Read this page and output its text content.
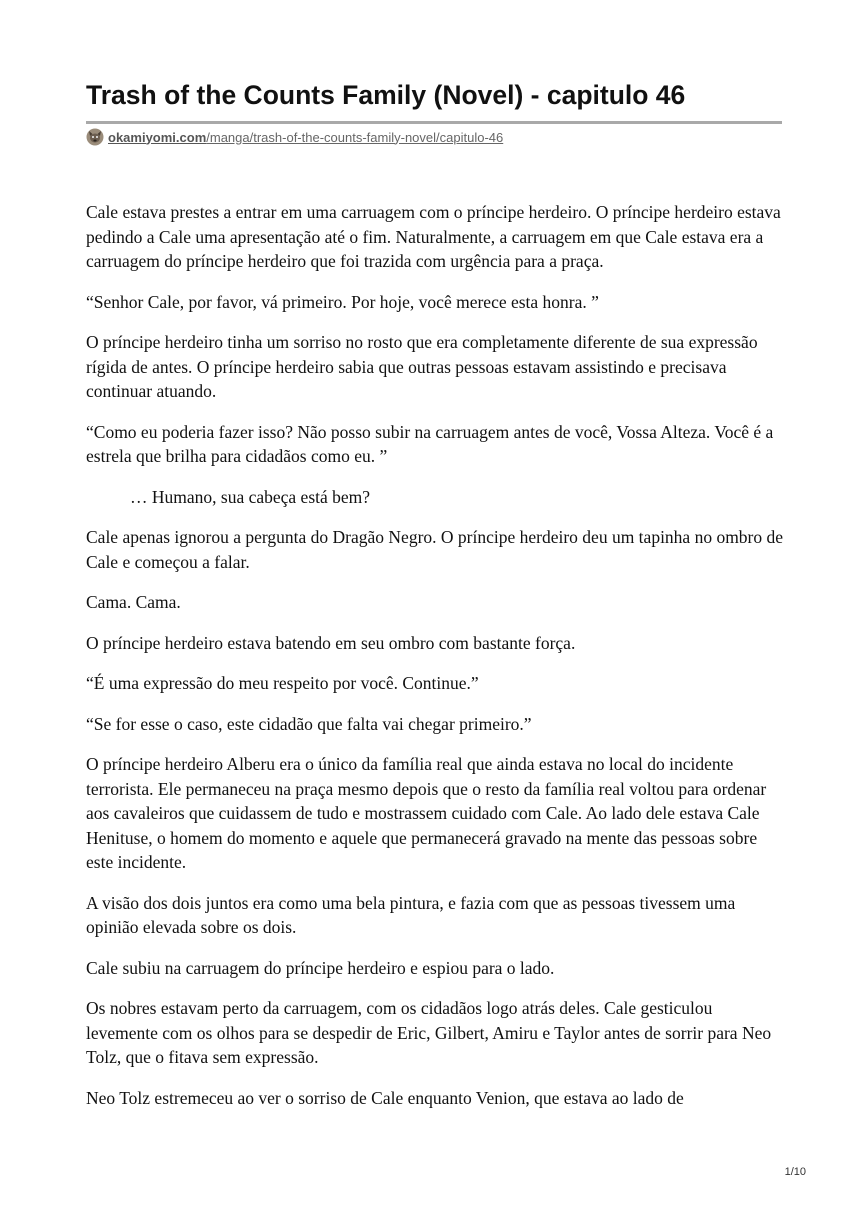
Trash of the Counts Family (Novel) - capitulo 46
okamiyomi.com /manga/trash-of-the-counts-family-novel/capitulo-46

Cale estava prestes a entrar em uma carruagem com o príncipe herdeiro. O príncipe herdeiro estava pedindo a Cale uma apresentação até o fim. Naturalmente, a carruagem em que Cale estava era a carruagem do príncipe herdeiro que foi trazida com urgência para a praça.

“Senhor Cale, por favor, vá primeiro. Por hoje, você merece esta honra. ”

O príncipe herdeiro tinha um sorriso no rosto que era completamente diferente de sua expressão rígida de antes. O príncipe herdeiro sabia que outras pessoas estavam assistindo e precisava continuar atuando.

“Como eu poderia fazer isso? Não posso subir na carruagem antes de você, Vossa Alteza. Você é a estrela que brilha para cidadãos como eu. ”

… Humano, sua cabeça está bem?

Cale apenas ignorou a pergunta do Dragão Negro. O príncipe herdeiro deu um tapinha no ombro de Cale e começou a falar.

Cama. Cama.

O príncipe herdeiro estava batendo em seu ombro com bastante força.

“É uma expressão do meu respeito por você. Continue.”

“Se for esse o caso, este cidadão que falta vai chegar primeiro.”

O príncipe herdeiro Alberu era o único da família real que ainda estava no local do incidente terrorista. Ele permaneceu na praça mesmo depois que o resto da família real voltou para ordenar aos cavaleiros que cuidassem de tudo e mostrassem cuidado com Cale. Ao lado dele estava Cale Henituse, o homem do momento e aquele que permanecerá gravado na mente das pessoas sobre este incidente.

A visão dos dois juntos era como uma bela pintura, e fazia com que as pessoas tivessem uma opinião elevada sobre os dois.

Cale subiu na carruagem do príncipe herdeiro e espiou para o lado.

Os nobres estavam perto da carruagem, com os cidadãos logo atrás deles. Cale gesticulou levemente com os olhos para se despedir de Eric, Gilbert, Amiru e Taylor antes de sorrir para Neo Tolz, que o fitava sem expressão.

Neo Tolz estremeceu ao ver o sorriso de Cale enquanto Venion, que estava ao lado de

1/10
